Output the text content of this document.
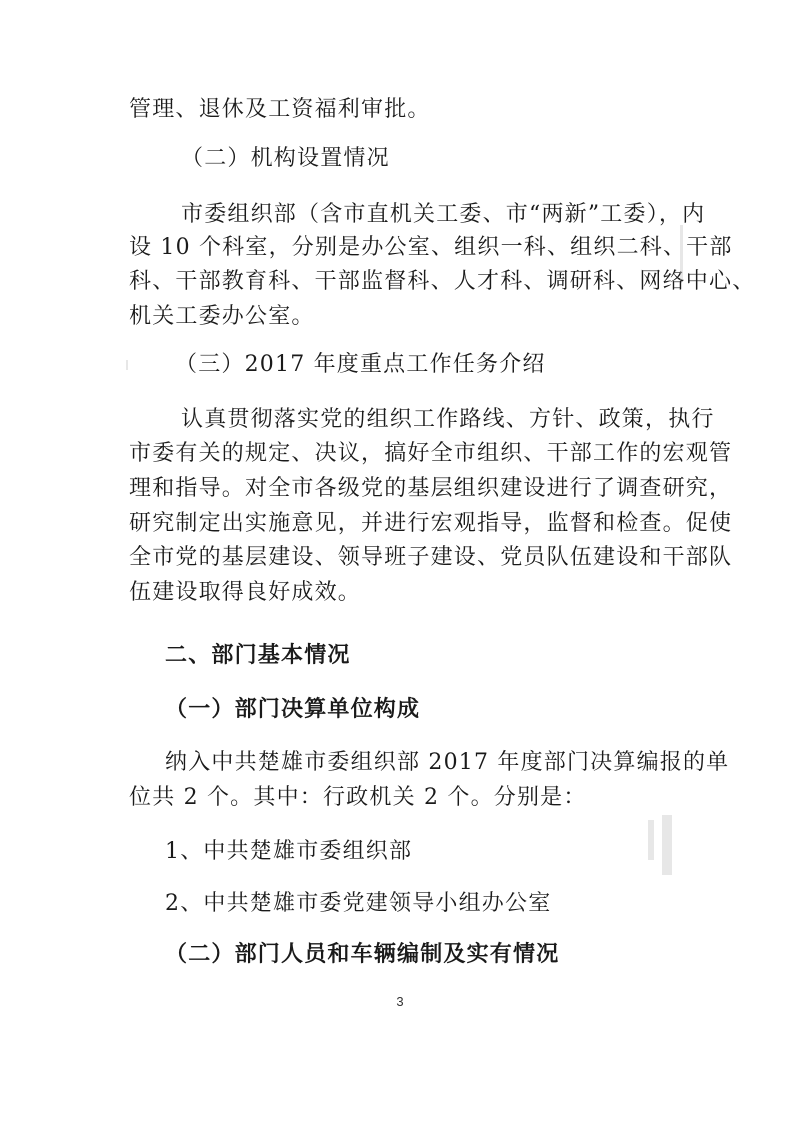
管理、退休及工资福利审批。
（二）机构设置情况
市委组织部（含市直机关工委、市“两新”工委），内
设 10 个科室，分别是办公室、组织一科、组织二科、干部
科、干部教育科、干部监督科、人才科、调研科、网络中心、
机关工委办公室。
（三）2017 年度重点工作任务介绍
认真贯彻落实党的组织工作路线、方针、政策，执行
市委有关的规定、决议，搞好全市组织、干部工作的宏观管
理和指导。对全市各级党的基层组织建设进行了调查研究，
研究制定出实施意见，并进行宏观指导，监督和检查。促使
全市党的基层建设、领导班子建设、党员队伍建设和干部队
伍建设取得良好成效。
二、部门基本情况
（一）部门决算单位构成
纳入中共楚雄市委组织部 2017 年度部门决算编报的单
位共 2 个。其中：行政机关 2 个。分别是：
1、中共楚雄市委组织部
2、中共楚雄市委党建领导小组办公室
（二）部门人员和车辆编制及实有情况
3
